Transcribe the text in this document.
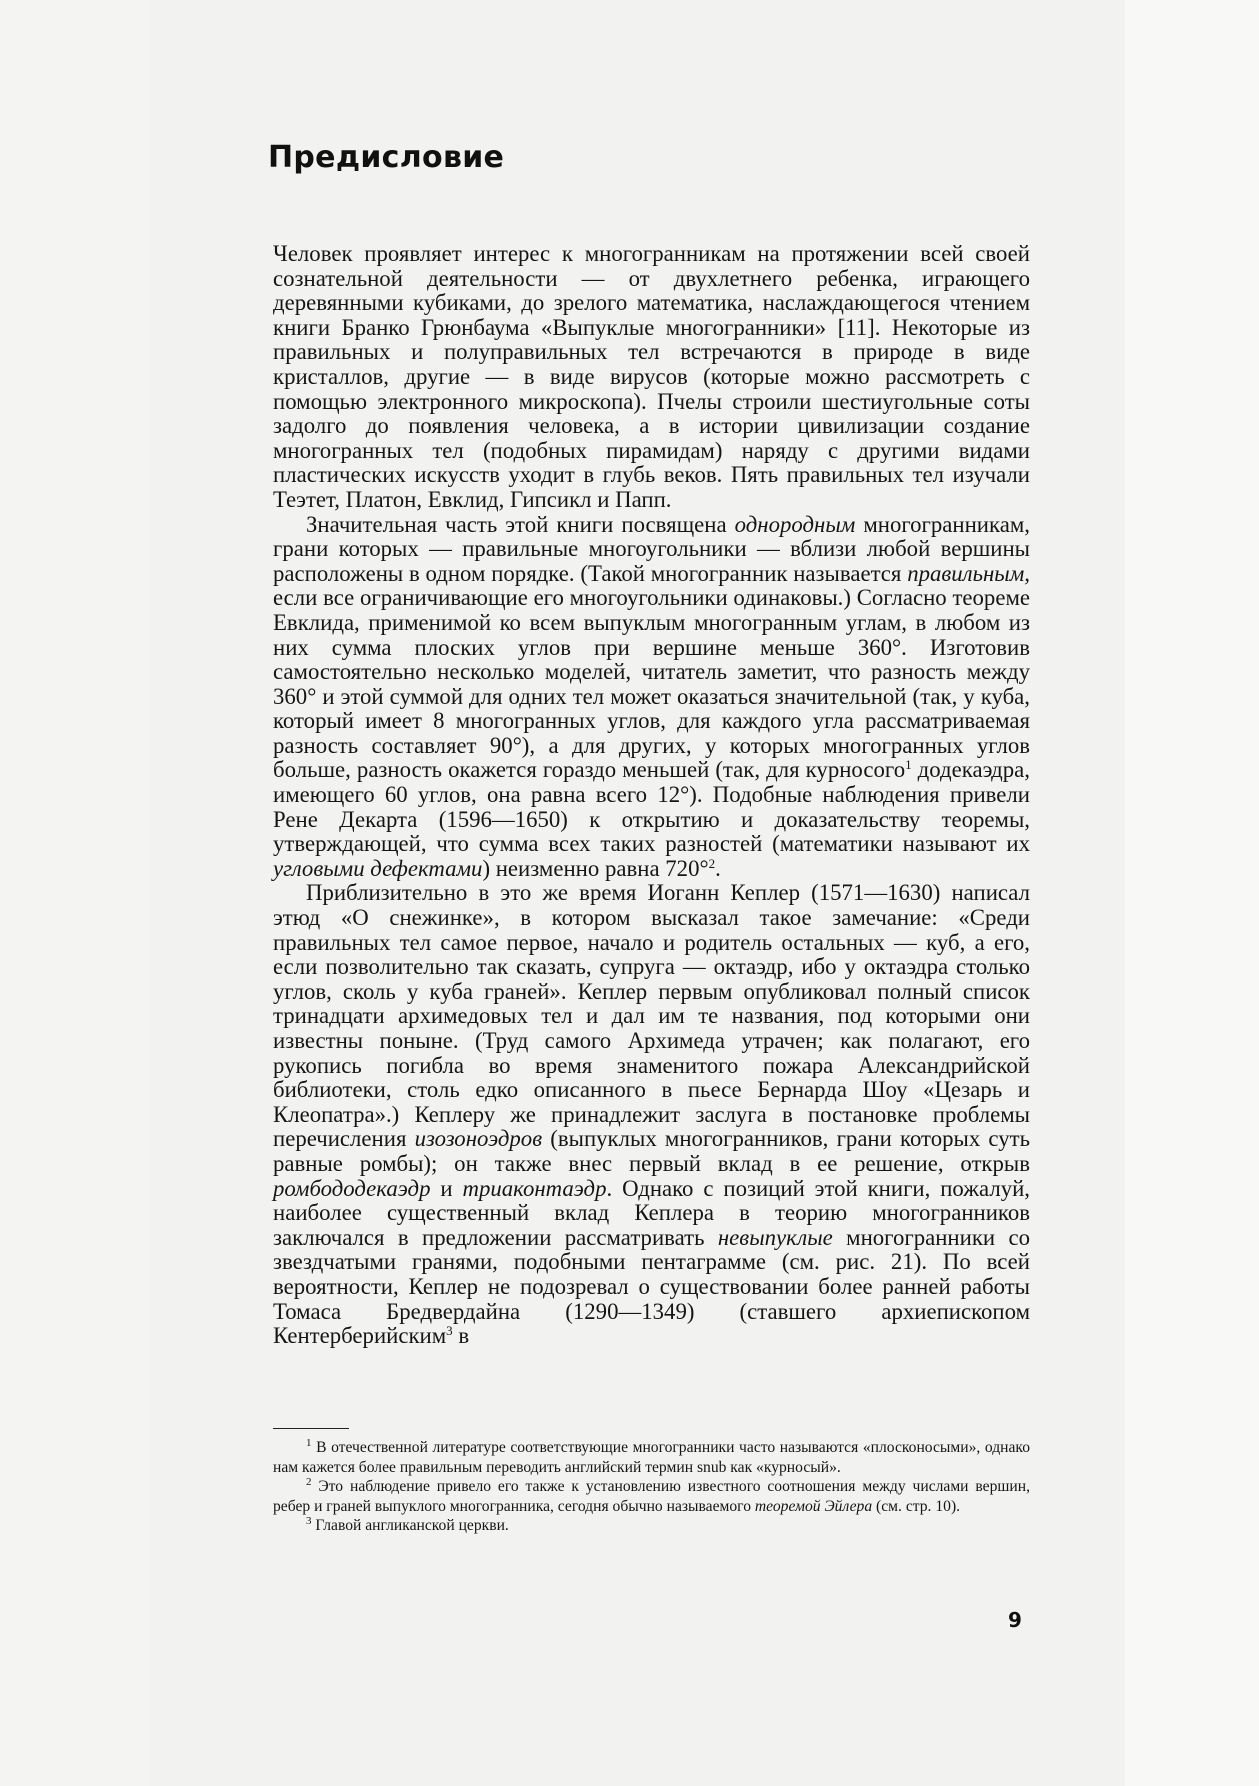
Предисловие

Человек проявляет интерес к многогранникам на протяжении всей своей сознательной деятельности — от двухлетнего ребенка, играющего деревянными кубиками, до зрелого математика, наслаждающегося чтением книги Бранко Грюнбаума «Выпуклые многогранники» [11]. Некоторые из правильных и полуправильных тел встречаются в природе в виде кристаллов, другие — в виде вирусов (которые можно рассмотреть с помощью электронного микроскопа). Пчелы строили шестиугольные соты задолго до появления человека, а в истории цивилизации создание многогранных тел (подобных пирамидам) наряду с другими видами пластических искусств уходит в глубь веков. Пять правильных тел изучали Теэтет, Платон, Евклид, Гипсикл и Папп.

Значительная часть этой книги посвящена однородным многогранникам, грани которых — правильные многоугольники — вблизи любой вершины расположены в одном порядке. (Такой многогранник называется правильным, если все ограничивающие его многоугольники одинаковы.) Согласно теореме Евклида, применимой ко всем выпуклым многогранным углам, в любом из них сумма плоских углов при вершине меньше 360°. Изготовив самостоятельно несколько моделей, читатель заметит, что разность между 360° и этой суммой для одних тел может оказаться значительной (так, у куба, который имеет 8 многогранных углов, для каждого угла рассматриваемая разность составляет 90°), а для других, у которых многогранных углов больше, разность окажется гораздо меньшей (так, для курносого$^1$ додекаэдра, имеющего 60 углов, она равна всего 12°). Подобные наблюдения привели Рене Декарта (1596—1650) к открытию и доказательству теоремы, утверждающей, что сумма всех таких разностей (математики называют их угловыми дефектами) неизменно равна 720°$^2$.

Приблизительно в это же время Иоганн Кеплер (1571—1630) написал этюд «О снежинке», в котором высказал такое замечание: «Среди правильных тел самое первое, начало и родитель остальных — куб, а его, если позволительно так сказать, супруга — октаэдр, ибо у октаэдра столько углов, сколь у куба граней». Кеплер первым опубликовал полный список тринадцати архимедовых тел и дал им те названия, под которыми они известны поныне. (Труд самого Архимеда утрачен; как полагают, его рукопись погибла во время знаменитого пожара Александрийской библиотеки, столь едко описанного в пьесе Бернарда Шоу «Цезарь и Клеопатра».) Кеплеру же принадлежит заслуга в постановке проблемы перечисления изозоноэдров (выпуклых многогранников, грани которых суть равные ромбы); он также внес первый вклад в ее решение, открыв ромбододекаэдр и триаконтаэдр. Однако с позиций этой книги, пожалуй, наиболее существенный вклад Кеплера в теорию многогранников заключался в предложении рассматривать невыпуклые многогранники со звездчатыми гранями, подобными пентаграмме (см. рис. 21). По всей вероятности, Кеплер не подозревал о существовании более ранней работы Томаса Бредвердайна (1290—1349) (ставшего архиепископом Кентерберийским$^3$ в

$^1$ В отечественной литературе соответствующие многогранники часто называются «плосконосыми», однако нам кажется более правильным переводить английский термин snub как «курносый».

$^2$ Это наблюдение привело его также к установлению известного соотношения между числами вершин, ребер и граней выпуклого многогранника, сегодня обычно называемого теоремой Эйлера (см. стр. 10).

$^3$ Главой англиканской церкви.

9
